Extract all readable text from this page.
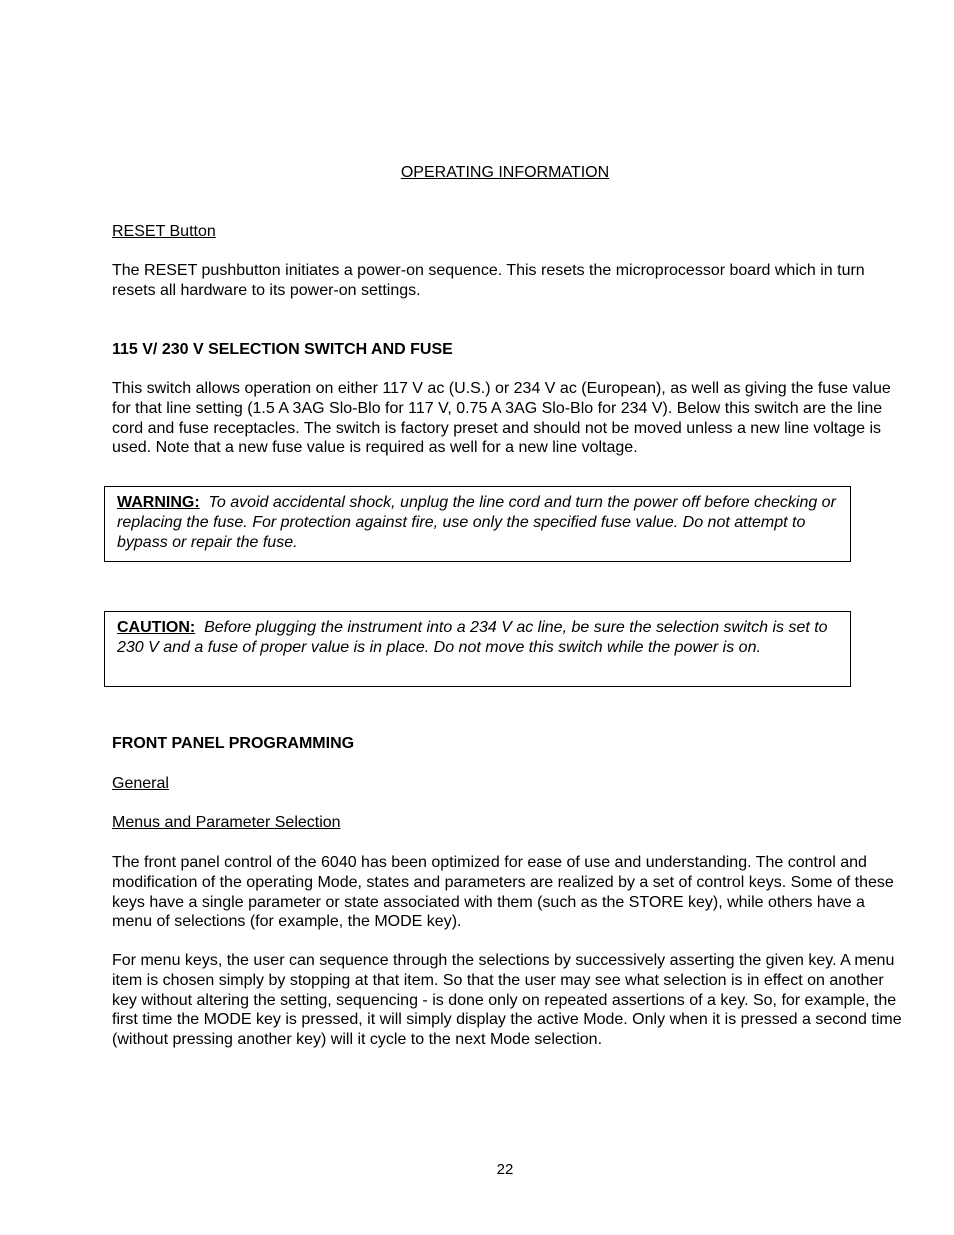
OPERATING INFORMATION
RESET Button

The RESET pushbutton initiates a power-on sequence. This resets the microprocessor board which in turn resets all hardware to its power-on settings.

115 V/ 230 V SELECTION SWITCH AND FUSE

This switch allows operation on either 117 V ac (U.S.) or 234 V ac (European), as well as giving the fuse value for that line setting (1.5 A 3AG Slo-Blo for 117 V, 0.75 A 3AG Slo-Blo for 234 V). Below this switch are the line cord and fuse receptacles. The switch is factory preset and should not be moved unless a new line voltage is used. Note that a new fuse value is required as well for a new line voltage.

WARNING: To avoid accidental shock, unplug the line cord and turn the power off before checking or replacing the fuse. For protection against fire, use only the specified fuse value. Do not attempt to bypass or repair the fuse.
CAUTION: Before plugging the instrument into a 234 V ac line, be sure the selection switch is set to 230 V and a fuse of proper value is in place. Do not move this switch while the power is on.
FRONT PANEL PROGRAMMING
General
Menus and Parameter Selection

The front panel control of the 6040 has been optimized for ease of use and understanding. The control and modification of the operating Mode, states and parameters are realized by a set of control keys. Some of these keys have a single parameter or state associated with them (such as the STORE key), while others have a menu of selections (for example, the MODE key).

For menu keys, the user can sequence through the selections by successively asserting the given key. A menu item is chosen simply by stopping at that item. So that the user may see what selection is in effect on another key without altering the setting, sequencing - is done only on repeated assertions of a key. So, for example, the first time the MODE key is pressed, it will simply display the active Mode. Only when it is pressed a second time (without pressing another key) will it cycle to the next Mode selection.

22
